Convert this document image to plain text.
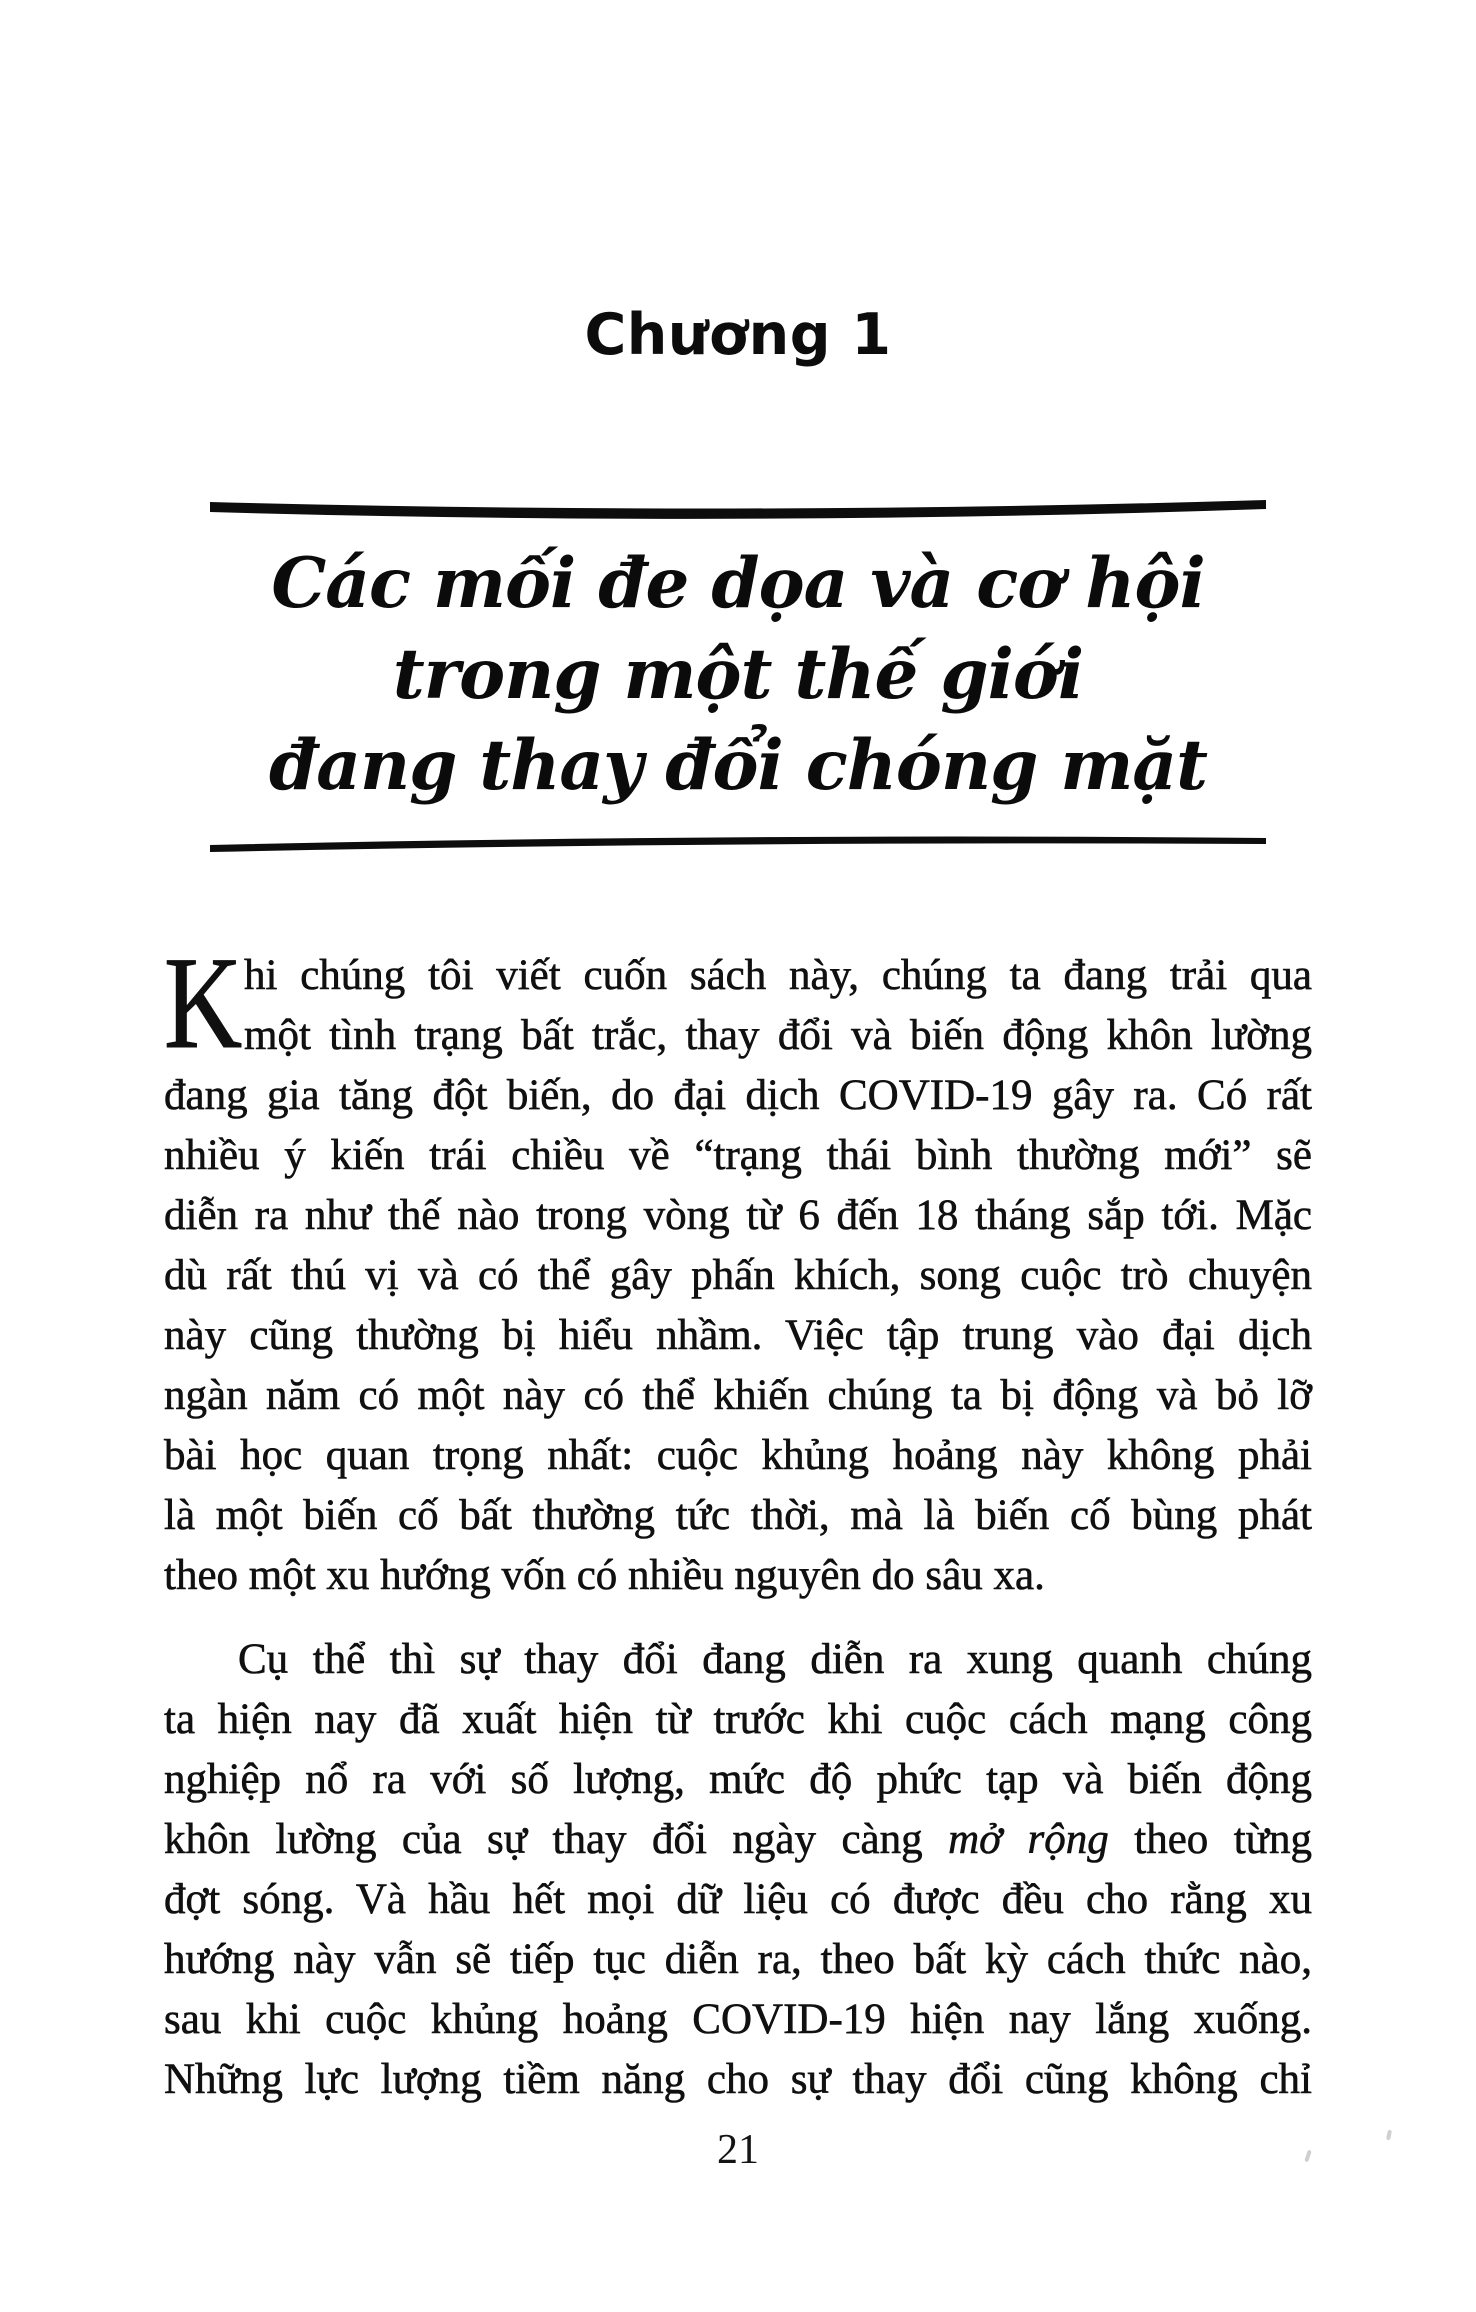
Chương 1
Các mối đe dọa và cơ hội
trong một thế giới
đang thay đổi chóng mặt
Khi chúng tôi viết cuốn sách này, chúng ta đang trải qua
một tình trạng bất trắc, thay đổi và biến động khôn lường
đang gia tăng đột biến, do đại dịch COVID-19 gây ra. Có rất
nhiều ý kiến trái chiều về “trạng thái bình thường mới” sẽ
diễn ra như thế nào trong vòng từ 6 đến 18 tháng sắp tới. Mặc
dù rất thú vị và có thể gây phấn khích, song cuộc trò chuyện
này cũng thường bị hiểu nhầm. Việc tập trung vào đại dịch
ngàn năm có một này có thể khiến chúng ta bị động và bỏ lỡ
bài học quan trọng nhất: cuộc khủng hoảng này không phải
là một biến cố bất thường tức thời, mà là biến cố bùng phát
theo một xu hướng vốn có nhiều nguyên do sâu xa.
Cụ thể thì sự thay đổi đang diễn ra xung quanh chúng
ta hiện nay đã xuất hiện từ trước khi cuộc cách mạng công
nghiệp nổ ra với số lượng, mức độ phức tạp và biến động
khôn lường của sự thay đổi ngày càng mở rộng theo từng
đợt sóng. Và hầu hết mọi dữ liệu có được đều cho rằng xu
hướng này vẫn sẽ tiếp tục diễn ra, theo bất kỳ cách thức nào,
sau khi cuộc khủng hoảng COVID-19 hiện nay lắng xuống.
Những lực lượng tiềm năng cho sự thay đổi cũng không chỉ
21
